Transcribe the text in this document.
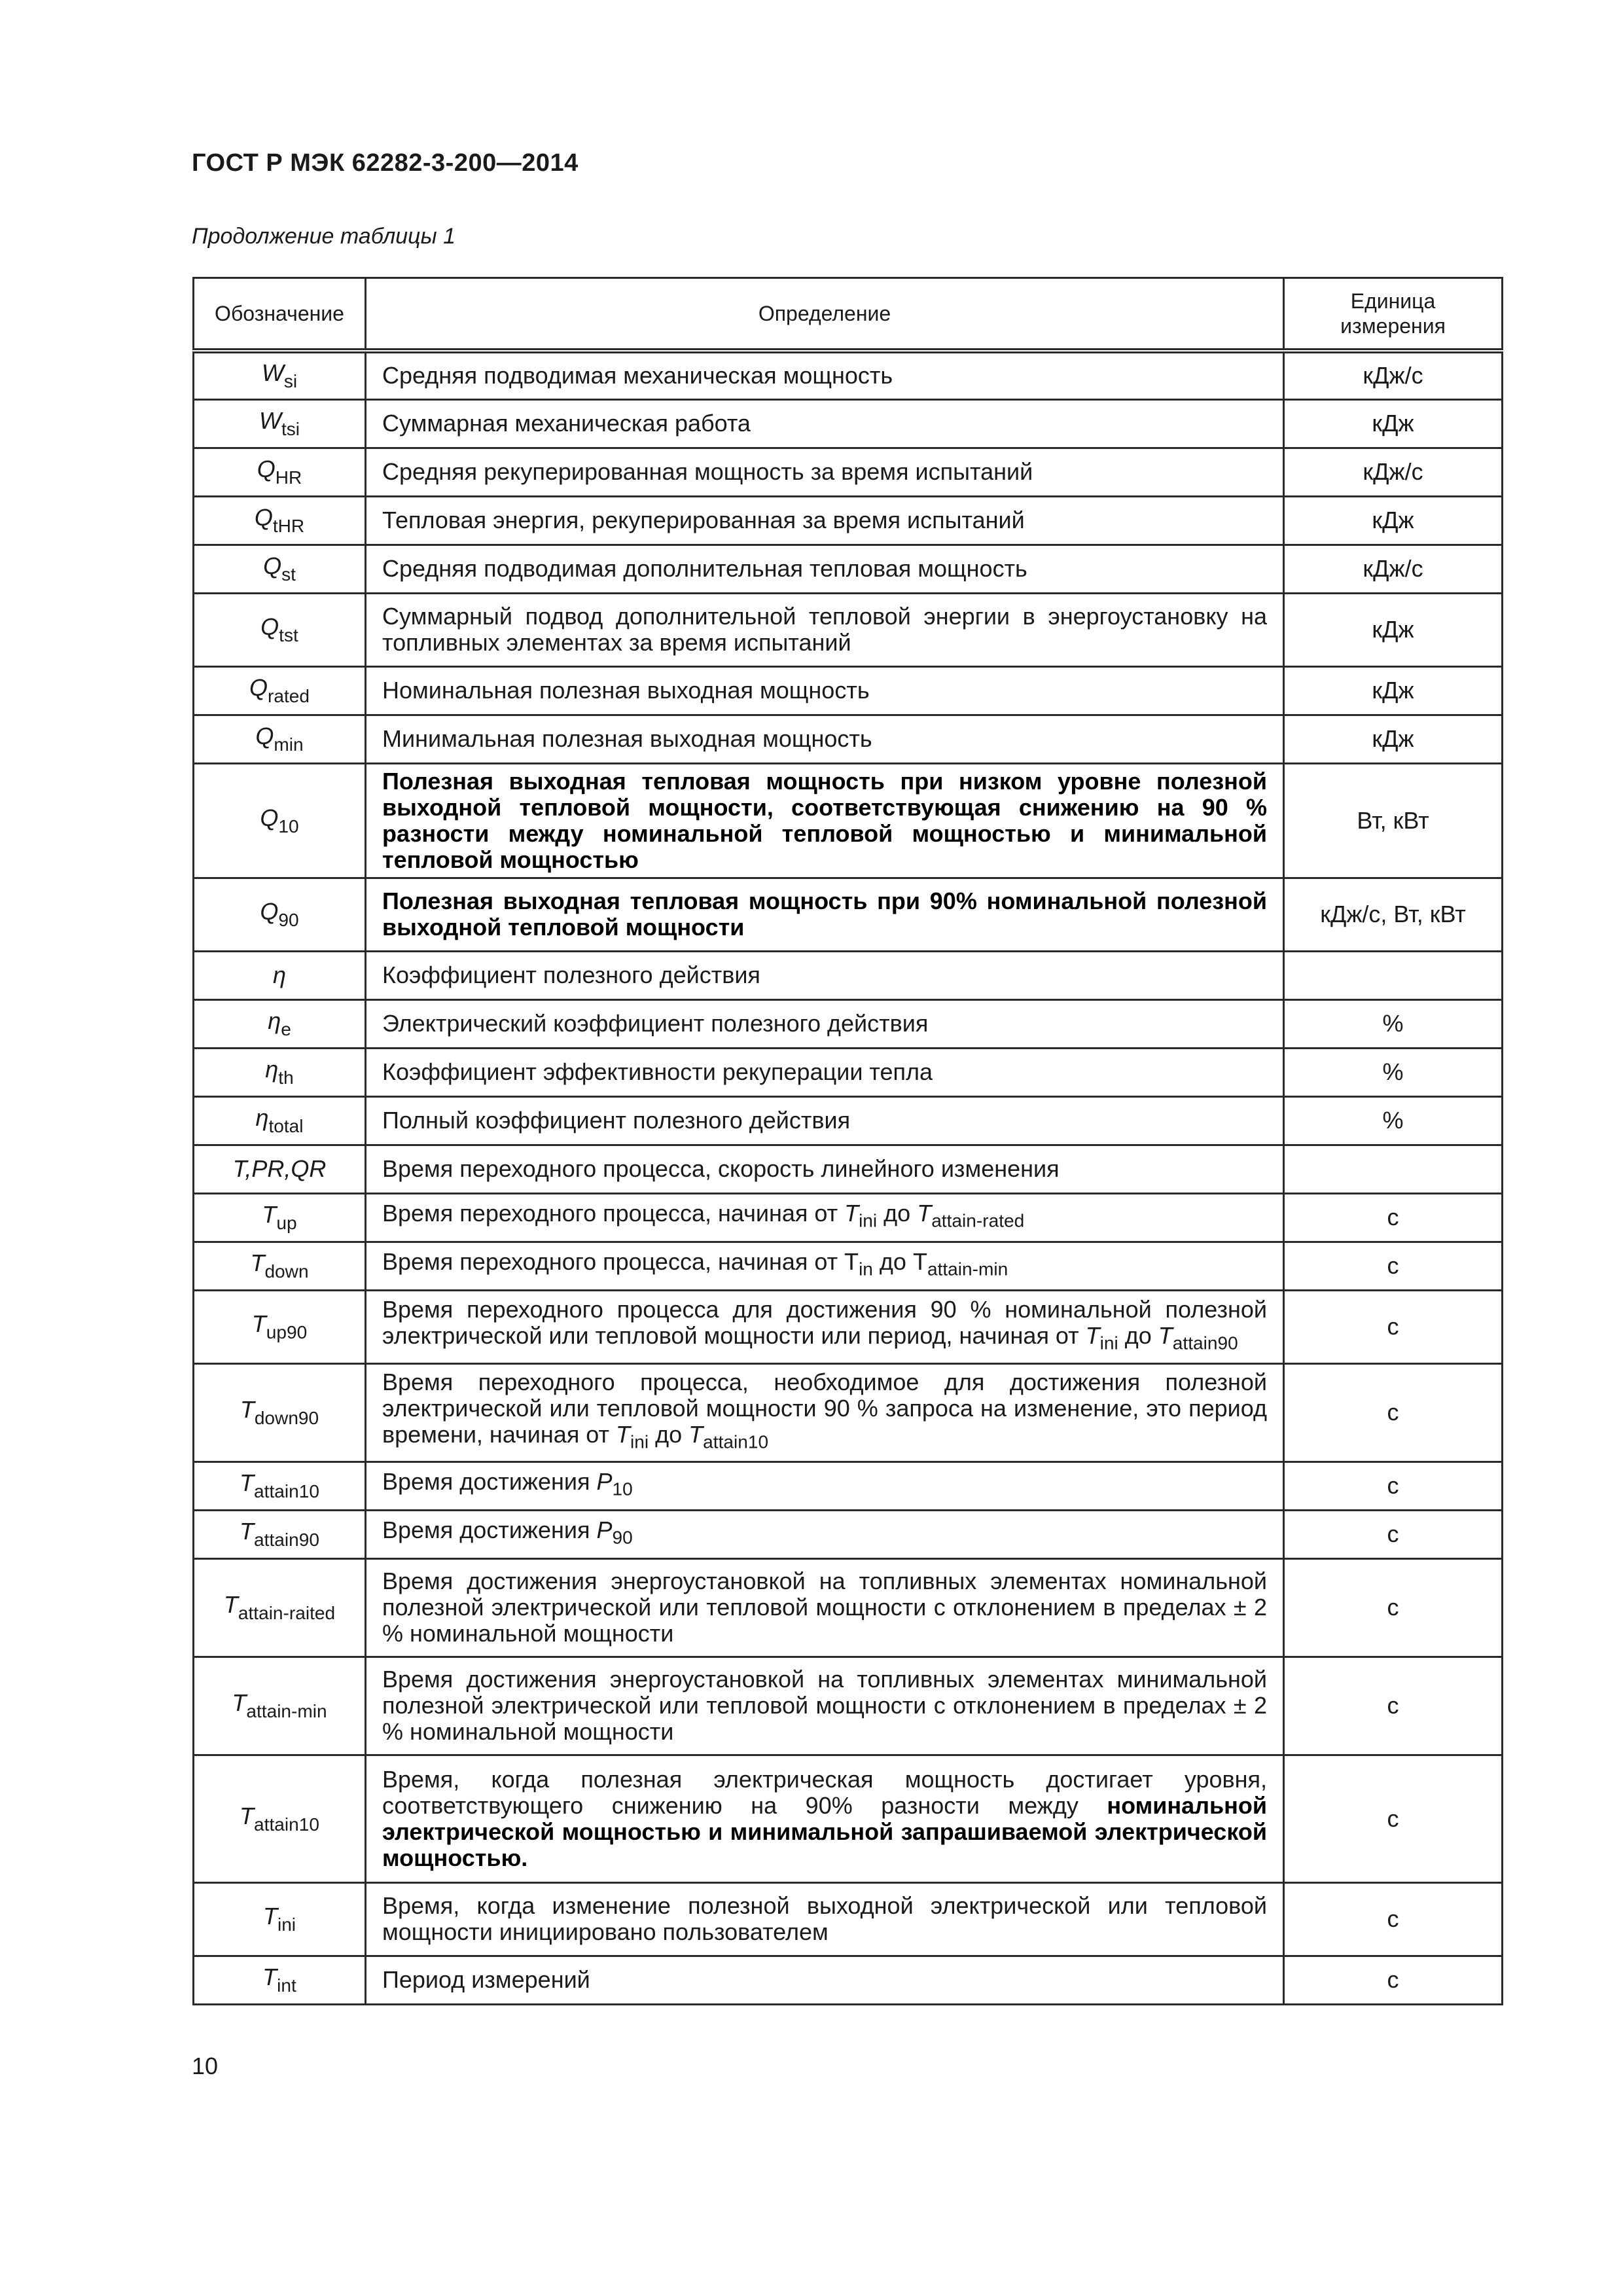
ГОСТ Р МЭК 62282-3-200—2014
Продолжение таблицы 1
Обозначение	Определение	Единица измерения
$W_{si}$	Средняя подводимая механическая мощность	кДж/с
$W_{tsi}$	Суммарная механическая работа	кДж
$Q_{HR}$	Средняя рекуперированная мощность за время испытаний	кДж/с
$Q_{tHR}$	Тепловая энергия, рекуперированная за время испытаний	кДж
$Q_{st}$	Средняя подводимая дополнительная тепловая мощность	кДж/с
$Q_{tst}$	Суммарный подвод дополнительной тепловой энергии в энергоустановку на топливных элементах за время испытаний	кДж
$Q_{rated}$	Номинальная полезная выходная мощность	кДж
$Q_{min}$	Минимальная полезная выходная мощность	кДж
$Q_{10}$	Полезная выходная тепловая мощность при низком уровне полезной выходной тепловой мощности, соответствующая снижению на 90 % разности между номинальной тепловой мощностью и минимальной тепловой мощностью	Вт, кВт
$Q_{90}$	Полезная выходная тепловая мощность при 90% номинальной полезной выходной тепловой мощности	кДж/с, Вт, кВт
η	Коэффициент полезного действия	
$\eta_e$	Электрический коэффициент полезного действия	%
$\eta_{th}$	Коэффициент эффективности рекуперации тепла	%
$\eta_{total}$	Полный коэффициент полезного действия	%
T,PR,QR	Время переходного процесса, скорость линейного изменения	
$T_{up}$	Время переходного процесса, начиная от $T_{ini}$ до $T_{attain-rated}$	с
$T_{down}$	Время переходного процесса, начиная от $T_{in}$ до $T_{attain-min}$	с
$T_{up90}$	Время переходного процесса для достижения 90 % номинальной полезной электрической или тепловой мощности или период, начиная от $T_{ini}$ до $T_{attain90}$	с
$T_{down90}$	Время переходного процесса, необходимое для достижения полезной электрической или тепловой мощности 90 % запроса на изменение, это период времени, начиная от $T_{ini}$ до $T_{attain10}$	с
$T_{attain10}$	Время достижения $P_{10}$	с
$T_{attain90}$	Время достижения $P_{90}$	с
$T_{attain-raited}$	Время достижения энергоустановкой на топливных элементах номинальной полезной электрической или тепловой мощности с отклонением в пределах ± 2 % номинальной мощности	с
$T_{attain-min}$	Время достижения энергоустановкой на топливных элементах минимальной полезной электрической или тепловой мощности с отклонением в пределах ± 2 % номинальной мощности	с
$T_{attain10}$	Время, когда полезная электрическая мощность достигает уровня, соответствующего снижению на 90% разности между номинальной электрической мощностью и минимальной запрашиваемой электрической мощностью.	с
$T_{ini}$	Время, когда изменение полезной выходной электрической или тепловой мощности инициировано пользователем	с
$T_{int}$	Период измерений	с
10
